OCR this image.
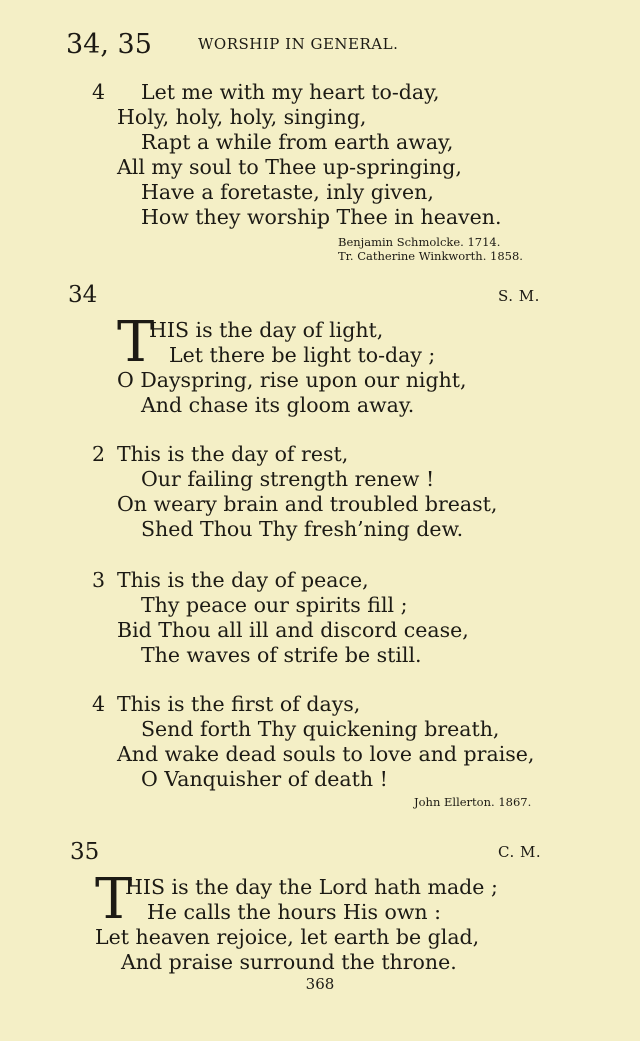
34, 35	WORSHIP IN GENERAL.
4	Let me with my heart to-day,
Holy, holy, holy, singing,
Rapt a while from earth away,
All my soul to Thee up-springing,
Have a foretaste, inly given,
How they worship Thee in heaven.
Benjamin Schmolcke. 1714.
Tr. Catherine Winkworth. 1858.
34	S. M.
T
HIS is the day of light,
Let there be light to-day ;
O Dayspring, rise upon our night,
And chase its gloom away.
2 This is the day of rest,
Our failing strength renew !
On weary brain and troubled breast,
Shed Thou Thy fresh’ning dew.
3 This is the day of peace,
Thy peace our spirits fill ;
Bid Thou all ill and discord cease,
The waves of strife be still.
4 This is the first of days,
Send forth Thy quickening breath,
And wake dead souls to love and praise,
O Vanquisher of death !
John Ellerton. 1867.
35	C. M.
T
HIS is the day the Lord hath made ;
He calls the hours His own :
Let heaven rejoice, let earth be glad,
And praise surround the throne.
368
